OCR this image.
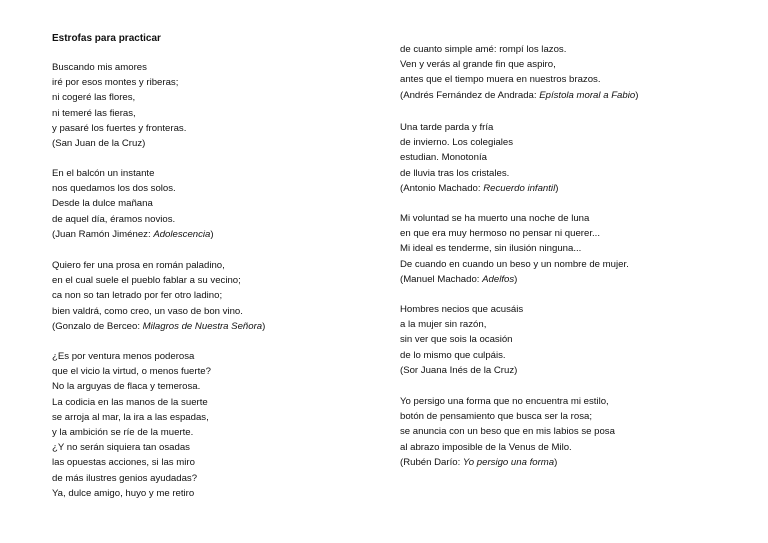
Estrofas para practicar
Buscando mis amores
iré por esos montes y riberas;
ni cogeré las flores,
ni temeré las fieras,
y pasaré los fuertes y fronteras.
(San Juan de la Cruz)
En el balcón un instante
nos quedamos los dos solos.
Desde la dulce mañana
de aquel día, éramos novios.
(Juan Ramón Jiménez: Adolescencia)
Quiero fer una prosa en román paladino,
en el cual suele el pueblo fablar a su vecino;
ca non so tan letrado por fer otro ladino;
bien valdrá, como creo, un vaso de bon vino.
(Gonzalo de Berceo: Milagros de Nuestra Señora)
¿Es por ventura menos poderosa
que el vicio la virtud, o menos fuerte?
No la arguyas de flaca y temerosa.
La codicia en las manos de la suerte
se arroja al mar, la ira a las espadas,
y la ambición se ríe de la muerte.
¿Y no serán siquiera tan osadas
las opuestas acciones, si las miro
de más ilustres genios ayudadas?
Ya, dulce amigo, huyo y me retiro
de cuanto simple amé: rompí los lazos.
Ven y verás al grande fin que aspiro,
antes que el tiempo muera en nuestros brazos.
(Andrés Fernández de Andrada: Epístola moral a Fabio)
Una tarde parda y fría
de invierno. Los colegiales
estudian. Monotonía
de lluvia tras los cristales.
(Antonio Machado: Recuerdo infantil)
Mi voluntad se ha muerto una noche de luna
en que era muy hermoso no pensar ni querer...
Mi ideal es tenderme, sin ilusión ninguna...
De cuando en cuando un beso y un nombre de mujer.
(Manuel Machado: Adelfos)
Hombres necios que acusáis
a la mujer sin razón,
sin ver que sois la ocasión
de lo mismo que culpáis.
(Sor Juana Inés de la Cruz)
Yo persigo una forma que no encuentra mi estilo,
botón de pensamiento que busca ser la rosa;
se anuncia con un beso que en mis labios se posa
al abrazo imposible de la Venus de Milo.
(Rubén Darío: Yo persigo una forma)
